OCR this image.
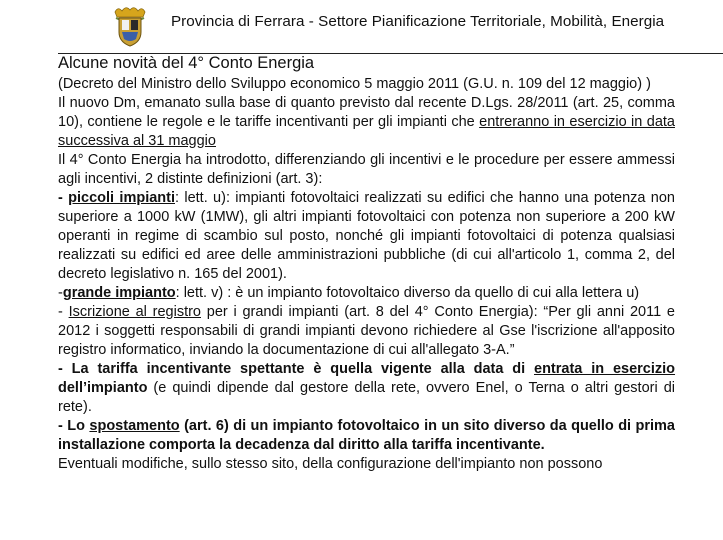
Provincia di Ferrara - Settore Pianificazione Territoriale, Mobilità, Energia
Alcune novità del 4° Conto Energia

(Decreto del Ministro dello Sviluppo economico 5 maggio 2011 (G.U. n. 109 del 12 maggio) )

Il nuovo Dm, emanato sulla base di quanto previsto dal recente D.Lgs. 28/2011 (art. 25, comma 10), contiene le regole e le tariffe incentivanti per gli impianti che entreranno in esercizio in data successiva al 31 maggio

Il 4° Conto Energia ha introdotto, differenziando gli incentivi e le procedure per essere ammessi agli incentivi, 2 distinte definizioni (art. 3):

- piccoli impianti: lett. u): impianti fotovoltaici realizzati su edifici che hanno una potenza non superiore a 1000 kW (1MW), gli altri impianti fotovoltaici con potenza non superiore a 200 kW operanti in regime di scambio sul posto, nonché gli impianti fotovoltaici di potenza qualsiasi realizzati su edifici ed aree delle amministrazioni pubbliche (di cui all'articolo 1, comma 2, del decreto legislativo n. 165 del 2001).

-grande impianto: lett. v) : è un impianto fotovoltaico diverso da quello di cui alla lettera u)

- Iscrizione al registro per i grandi impianti (art. 8 del 4° Conto Energia): “Per gli anni 2011 e 2012 i soggetti responsabili di grandi impianti devono richiedere al Gse l'iscrizione all'apposito registro informatico, inviando la documentazione di cui all'allegato 3-A.”

- La tariffa incentivante spettante è quella vigente alla data di entrata in esercizio dell’impianto (e quindi dipende dal gestore della rete, ovvero Enel, o Terna o altri gestori di rete).

- Lo spostamento (art. 6) di un impianto fotovoltaico in un sito diverso da quello di prima installazione comporta la decadenza dal diritto alla tariffa incentivante.

Eventuali modifiche, sullo stesso sito, della configurazione dell'impianto non possono
